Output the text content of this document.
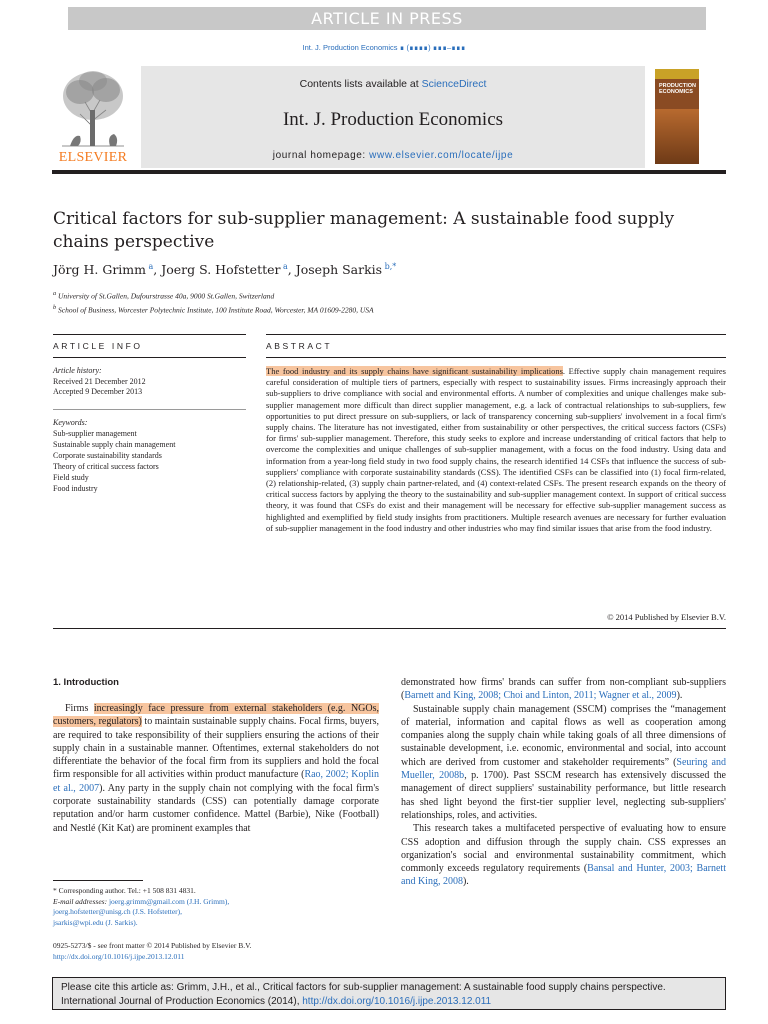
ARTICLE IN PRESS
Int. J. Production Economics ∎ (∎∎∎∎) ∎∎∎–∎∎∎
ELSEVIER
Contents lists available at ScienceDirect
Int. J. Production Economics
journal homepage: www.elsevier.com/locate/ijpe
PRODUCTION ECONOMICS
Critical factors for sub-supplier management: A sustainable food supply chains perspective
Jörg H. Grimm  $^a$, Joerg S. Hofstetter  $^a$, Joseph Sarkis  $^{b,*}$
$^a$ University of St.Gallen, Dufourstrasse 40a, 9000 St.Gallen, Switzerland
$^b$ School of Business, Worcester Polytechnic Institute, 100 Institute Road, Worcester, MA 01609-2280, USA
ARTICLE INFO	ABSTRACT
Article history:
Received 21 December 2012
Accepted 9 December 2013
Keywords:
Sub-supplier management
Sustainable supply chain management
Corporate sustainability standards
Theory of critical success factors
Field study
Food industry
The food industry and its supply chains have significant sustainability implications. Effective supply chain management requires careful consideration of multiple tiers of partners, especially with respect to sustainability issues. Firms increasingly approach their sub-suppliers to drive compliance with social and environmental efforts. A number of complexities and unique challenges make sub-supplier management more difficult than direct supplier management, e.g. a lack of contractual relationships to sub-suppliers, few opportunities to put direct pressure on sub-suppliers, or lack of transparency concerning sub-suppliers' involvement in a focal firm's supply chains. The literature has not investigated, either from sustainability or other perspectives, the critical success factors (CSFs) for firms' sub-supplier management. Therefore, this study seeks to explore and increase understanding of critical factors that help to overcome the complexities and unique challenges of sub-supplier management, with a focus on the food industry. Using data and information from a year-long field study in two food supply chains, the research identified 14 CSFs that influence the success of sub-suppliers' compliance with corporate sustainability standards (CSS). The identified CSFs can be classified into (1) focal firm-related, (2) relationship-related, (3) supply chain partner-related, and (4) context-related CSFs. The present research expands on the theory of critical success factors by applying the theory to the sustainability and sub-supplier management context. In support of critical success theory, it was found that CSFs do exist and their management will be necessary for effective sub-supplier management success as highlighted and exemplified by field study insights from practitioners. Multiple research avenues are necessary for further evaluation of sub-supplier management in the food industry and other industries who may find similar issues that arise from the food industry.
© 2014 Published by Elsevier B.V.
1. Introduction

Firms increasingly face pressure from external stakeholders (e.g. NGOs, customers, regulators) to maintain sustainable supply chains. Focal firms, buyers, are required to take responsibility of their suppliers ensuring the actions of their supply chain in a sustainable manner. Oftentimes, external stakeholders do not differentiate the behavior of the focal firm from its suppliers and hold the focal firm responsible for all activities within product manufacture (Rao, 2002; Koplin et al., 2007). Any party in the supply chain not complying with the focal firm's corporate sustainability standards (CSS) can potentially damage corporate reputation and/or harm customer confidence. Mattel (Barbie), Nike (Football) and Nestlé (Kit Kat) are prominent examples that

demonstrated how firms' brands can suffer from non-compliant sub-suppliers (Barnett and King, 2008; Choi and Linton, 2011; Wagner et al., 2009).

Sustainable supply chain management (SSCM) comprises the “management of material, information and capital flows as well as cooperation among companies along the supply chain while taking goals of all three dimensions of sustainable development, i.e. economic, environmental and social, into account which are derived from customer and stakeholder requirements” (Seuring and Mueller, 2008b, p. 1700). Past SSCM research has extensively discussed the management of direct suppliers' sustainability performance, but little research has shed light beyond the first-tier supplier level, neglecting sub-suppliers' relationships, roles, and activities.

This research takes a multifaceted perspective of evaluating how to ensure CSS adoption and diffusion through the supply chain. CSS expresses an organization's social and environmental sustainability commitment, which commonly exceeds regulatory requirements (Bansal and Hunter, 2003; Barnett and King, 2008).

* Corresponding author. Tel.: +1 508 831 4831.
E-mail addresses: joerg.grimm@gmail.com (J.H. Grimm),
joerg.hofstetter@unisg.ch (J.S. Hofstetter),
jsarkis@wpi.edu (J. Sarkis).
0925-5273/$ - see front matter © 2014 Published by Elsevier B.V.
http://dx.doi.org/10.1016/j.ijpe.2013.12.011
Please cite this article as: Grimm, J.H., et al., Critical factors for sub-supplier management: A sustainable food supply chains perspective.
International Journal of Production Economics (2014), http://dx.doi.org/10.1016/j.ijpe.2013.12.011
